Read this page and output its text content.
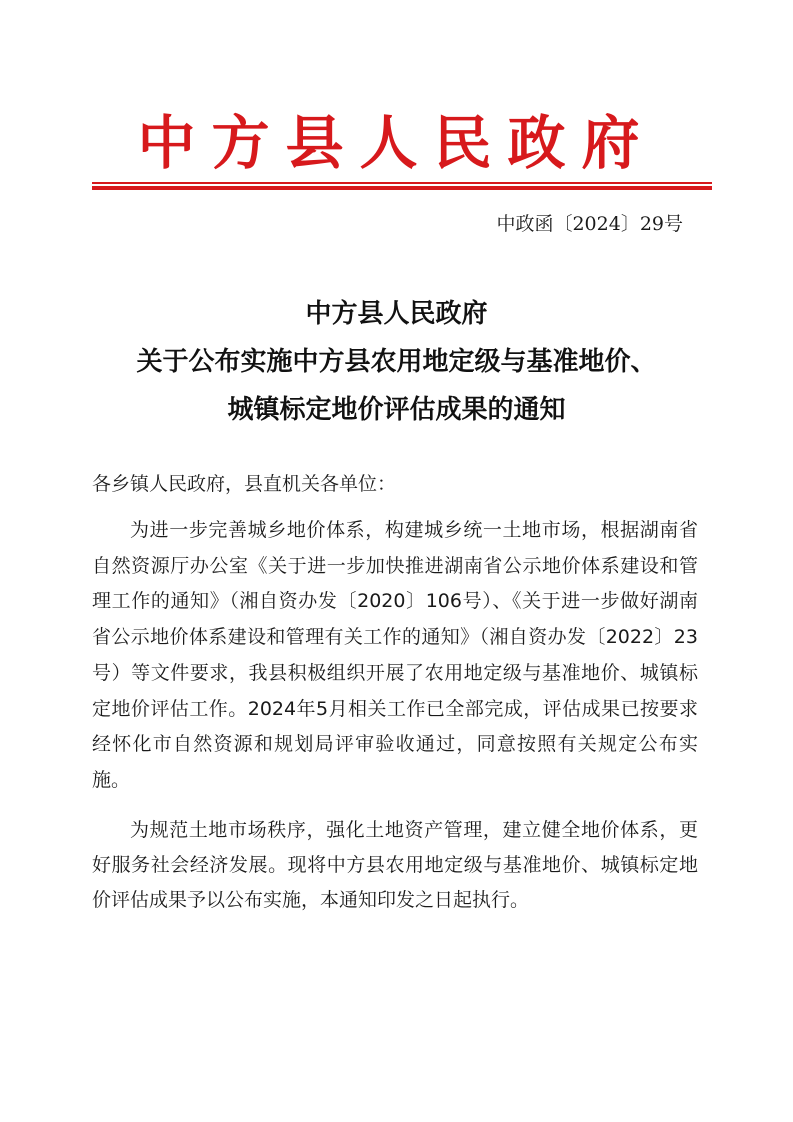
中方县人民政府
中政函〔2024〕29号
中方县人民政府
关于公布实施中方县农用地定级与基准地价、
城镇标定地价评估成果的通知
各乡镇人民政府，县直机关各单位：

为进一步完善城乡地价体系，构建城乡统一土地市场，根据湖南省自然资源厅办公室《关于进一步加快推进湖南省公示地价体系建设和管理工作的通知》（湘自资办发〔2020〕106号）、《关于进一步做好湖南省公示地价体系建设和管理有关工作的通知》（湘自资办发〔2022〕23号）等文件要求，我县积极组织开展了农用地定级与基准地价、城镇标定地价评估工作。2024年5月相关工作已全部完成，评估成果已按要求经怀化市自然资源和规划局评审验收通过，同意按照有关规定公布实施。

为规范土地市场秩序，强化土地资产管理，建立健全地价体系，更好服务社会经济发展。现将中方县农用地定级与基准地价、城镇标定地价评估成果予以公布实施，本通知印发之日起执行。
